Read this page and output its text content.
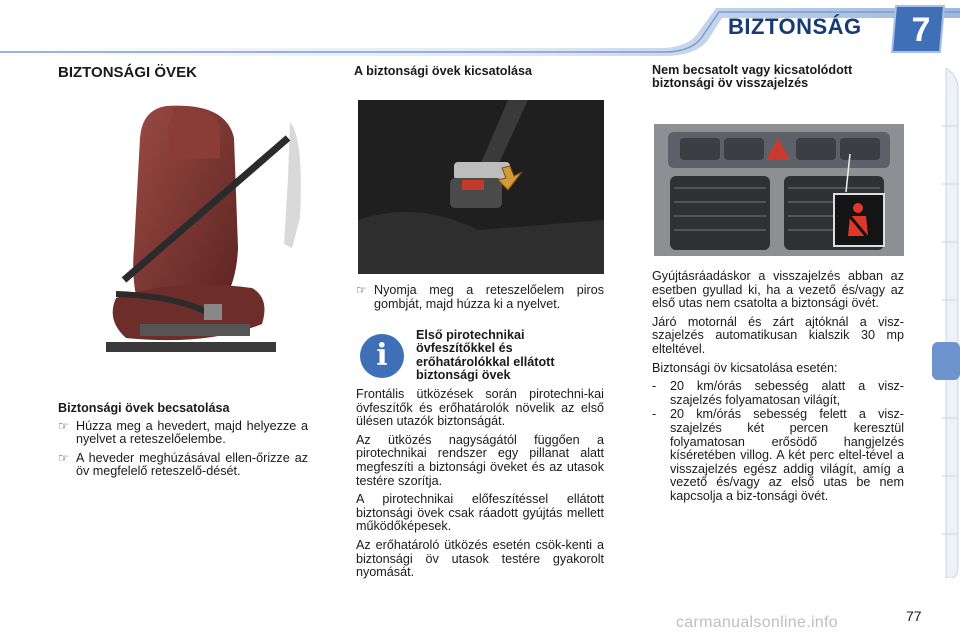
BIZTONSÁG 7
BIZTONSÁGI ÖVEK
Biztonsági övek becsatolása
☞ Húzza meg a hevedert, majd helyezze a nyelvet a reteszelőelembe.
☞ A heveder meghúzásával ellen-őrizze az öv megfelelő reteszelő-dését.
A biztonsági övek kicsatolása
☞ Nyomja meg a reteszelőelem piros gombját, majd húzza ki a nyelvet.
i
Első pirotechnikai övfeszítőkkel és erőhatárolókkal ellátott biztonsági övek

Frontális ütközések során pirotechni-kai övfeszítők és erőhatárolók növelik az első ülésen utazók biztonságát.

Az ütközés nagyságától függően a pirotechnikai rendszer egy pillanat alatt megfeszíti a biztonsági öveket és az utasok testére szorítja.

A pirotechnikai előfeszítéssel ellátott biztonsági övek csak ráadott gyújtás mellett működőképesek.

Az erőhatároló ütközés esetén csök-kenti a biztonsági öv utasok testére gyakorolt nyomását.

Nem becsatolt vagy kicsatolódott biztonsági öv visszajelzés

Gyújtásráadáskor a visszajelzés abban az esetben gyullad ki, ha a vezető és/vagy az első utas nem csatolta a biztonsági övét.

Járó motornál és zárt ajtóknál a visz-szajelzés automatikusan kialszik 30 mp elteltével.

Biztonsági öv kicsatolása esetén:

-	20 km/órás sebesség alatt a visz-szajelzés folyamatosan világít,
-	20 km/órás sebesség felett a visz-szajelzés két percen keresztül folyamatosan erősödő hangjelzés kíséretében villog. A két perc eltel-tével a visszajelzés egész addig világít, amíg a vezető és/vagy az első utas be nem kapcsolja a biz-tonsági övét.
carmanualsonline.info	77
